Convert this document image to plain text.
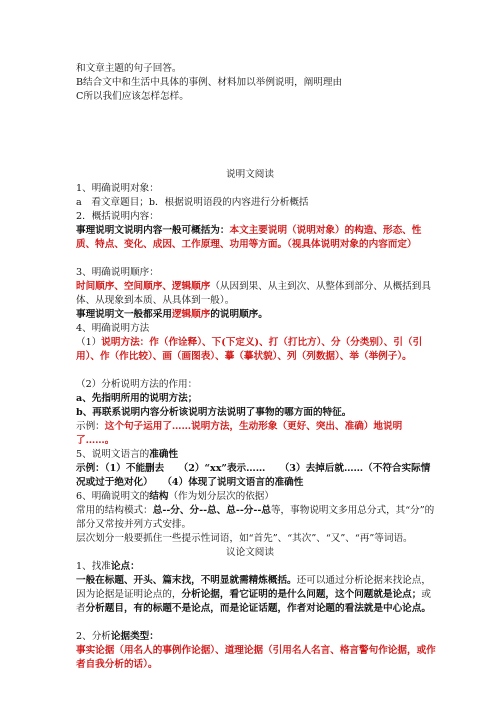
和文章主题的句子回答。
B结合文中和生活中具体的事例、材料加以举例说明，阐明理由
C所以我们应该怎样怎样。
说明文阅读
1、明确说明对象：
a　看文章题目；b．根据说明语段的内容进行分析概括
2．概括说明内容：
事理说明文说明内容一般可概括为：本文主要说明（说明对象）的构造、形态、性质、特点、变化、成因、工作原理、功用等方面。（视具体说明对象的内容而定）
3、明确说明顺序：
时间顺序、空间顺序、逻辑顺序（从因到果、从主到次、从整体到部分、从概括到具体、从现象到本质、从具体到一般）。
事理说明文一般都采用逻辑顺序的说明顺序。
4、明确说明方法
（1）说明方法：作（作诠释）、下(下定义)、打（打比方）、分（分类别）、引（引用）、作（作比较）、画（画图表）、摹（摹状貌）、列（列数据）、举（举例子）。
（2）分析说明方法的作用：
a、先指明所用的说明方法；
b、再联系说明内容分析该说明方法说明了事物的哪方面的特征。
示例：这个句子运用了……说明方法，生动形象（更好、突出、准确）地说明了……。
5、说明文语言的准确性
示例：（1）不能删去　　（2）“xx”表示……　　（3）去掉后就……（不符合实际情况或过于绝对化）　　（4）体现了说明文语言的准确性
6、明确说明文的结构（作为划分层次的依据）
常用的结构模式：总--分、分--总、总--分--总等，事物说明文多用总分式，其“分”的部分又常按并列方式安排。
层次划分一般要抓住一些提示性词语，如“首先”、“其次”、“又”、“再”等词语。
议论文阅读
1、找准论点：
一般在标题、开头、篇末找，不明显就需精炼概括。还可以通过分析论据来找论点，因为论据是证明论点的，分析论据，看它证明的是什么问题，这个问题就是论点；或者分析题目，有的标题不是论点，而是论证话题，作者对论题的看法就是中心论点。
2、分析论据类型：
事实论据（用名人的事例作论据）、道理论据（引用名人名言、格言警句作论据，或作者自我分析的话）。
